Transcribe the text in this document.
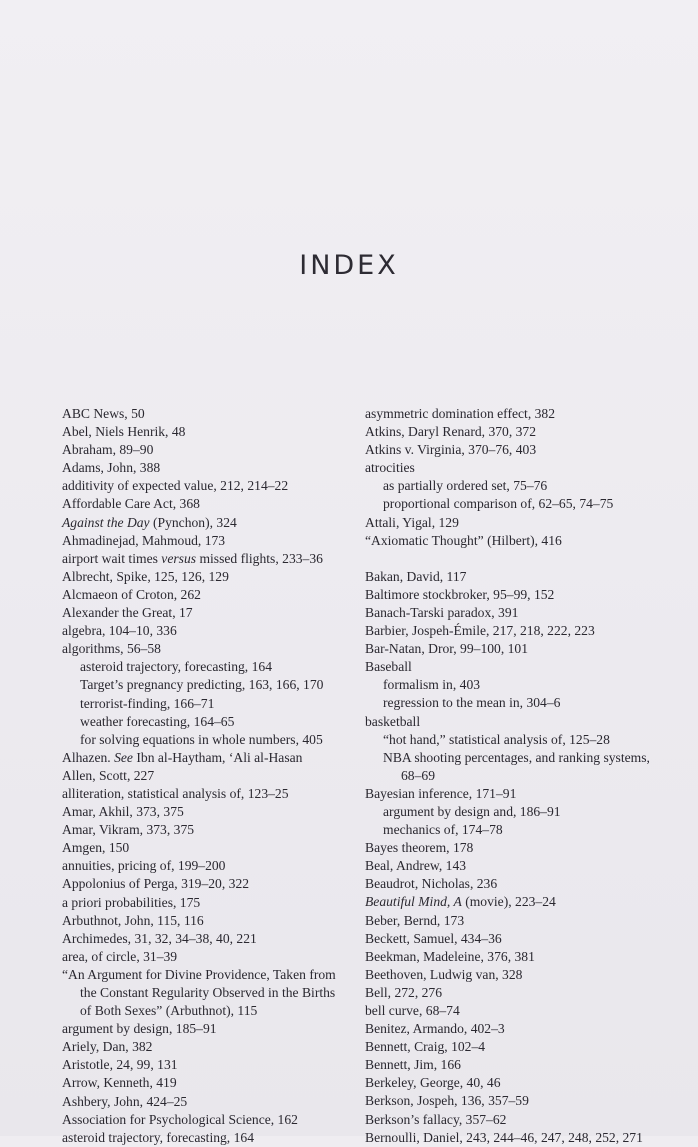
INDEX
ABC News, 50
Abel, Niels Henrik, 48
Abraham, 89–90
Adams, John, 388
additivity of expected value, 212, 214–22
Affordable Care Act, 368
Against the Day (Pynchon), 324
Ahmadinejad, Mahmoud, 173
airport wait times versus missed flights, 233–36
Albrecht, Spike, 125, 126, 129
Alcmaeon of Croton, 262
Alexander the Great, 17
algebra, 104–10, 336
algorithms, 56–58
asteroid trajectory, forecasting, 164
Target’s pregnancy predicting, 163, 166, 170
terrorist-finding, 166–71
weather forecasting, 164–65
for solving equations in whole numbers, 405
Alhazen. See Ibn al-Haytham, ‘Ali al-Hasan
Allen, Scott, 227
alliteration, statistical analysis of, 123–25
Amar, Akhil, 373, 375
Amar, Vikram, 373, 375
Amgen, 150
annuities, pricing of, 199–200
Appolonius of Perga, 319–20, 322
a priori probabilities, 175
Arbuthnot, John, 115, 116
Archimedes, 31, 32, 34–38, 40, 221
area, of circle, 31–39
“An Argument for Divine Providence, Taken from the Constant Regularity Observed in the Births of Both Sexes” (Arbuthnot), 115
argument by design, 185–91
Ariely, Dan, 382
Aristotle, 24, 99, 131
Arrow, Kenneth, 419
Ashbery, John, 424–25
Association for Psychological Science, 162
asteroid trajectory, forecasting, 164
asymmetric domination effect, 382
Atkins, Daryl Renard, 370, 372
Atkins v. Virginia, 370–76, 403
atrocities
as partially ordered set, 75–76
proportional comparison of, 62–65, 74–75
Attali, Yigal, 129
“Axiomatic Thought” (Hilbert), 416
Bakan, David, 117
Baltimore stockbroker, 95–99, 152
Banach-Tarski paradox, 391
Barbier, Jospeh-Émile, 217, 218, 222, 223
Bar-Natan, Dror, 99–100, 101
Baseball
formalism in, 403
regression to the mean in, 304–6
basketball
“hot hand,” statistical analysis of, 125–28
NBA shooting percentages, and ranking systems, 68–69
Bayesian inference, 171–91
argument by design and, 186–91
mechanics of, 174–78
Bayes theorem, 178
Beal, Andrew, 143
Beaudrot, Nicholas, 236
Beautiful Mind, A (movie), 223–24
Beber, Bernd, 173
Beckett, Samuel, 434–36
Beekman, Madeleine, 376, 381
Beethoven, Ludwig van, 328
Bell, 272, 276
bell curve, 68–74
Benitez, Armando, 402–3
Bennett, Craig, 102–4
Bennett, Jim, 166
Berkeley, George, 40, 46
Berkson, Jospeh, 136, 357–59
Berkson’s fallacy, 357–62
Bernoulli, Daniel, 243, 244–46, 247, 248, 252, 271
